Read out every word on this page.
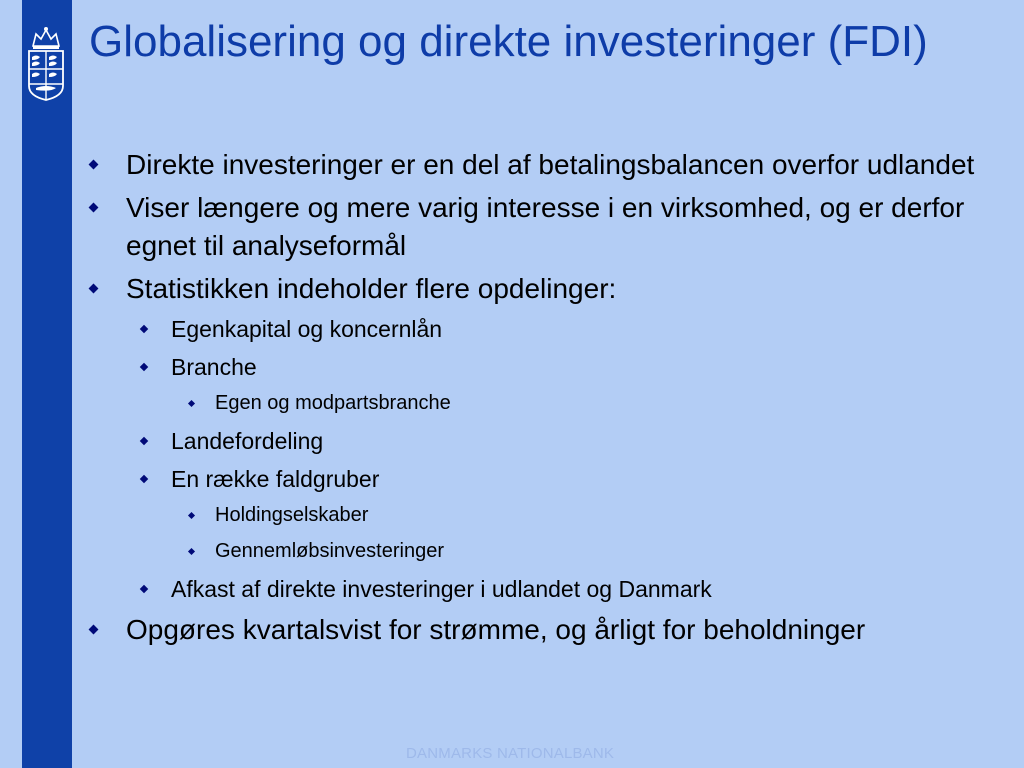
Globalisering og direkte investeringer (FDI)
Direkte investeringer er en del af betalingsbalancen overfor udlandet
Viser længere og mere varig interesse i en virksomhed, og er derfor egnet til analyseformål
Statistikken indeholder flere opdelinger:
Egenkapital og koncernlån
Branche
Egen og modpartsbranche
Landefordeling
En række faldgruber
Holdingselskaber
Gennemløbsinvesteringer
Afkast af direkte investeringer i udlandet og Danmark
Opgøres kvartalsvist for strømme, og årligt for beholdninger
DANMARKS NATIONALBANK
